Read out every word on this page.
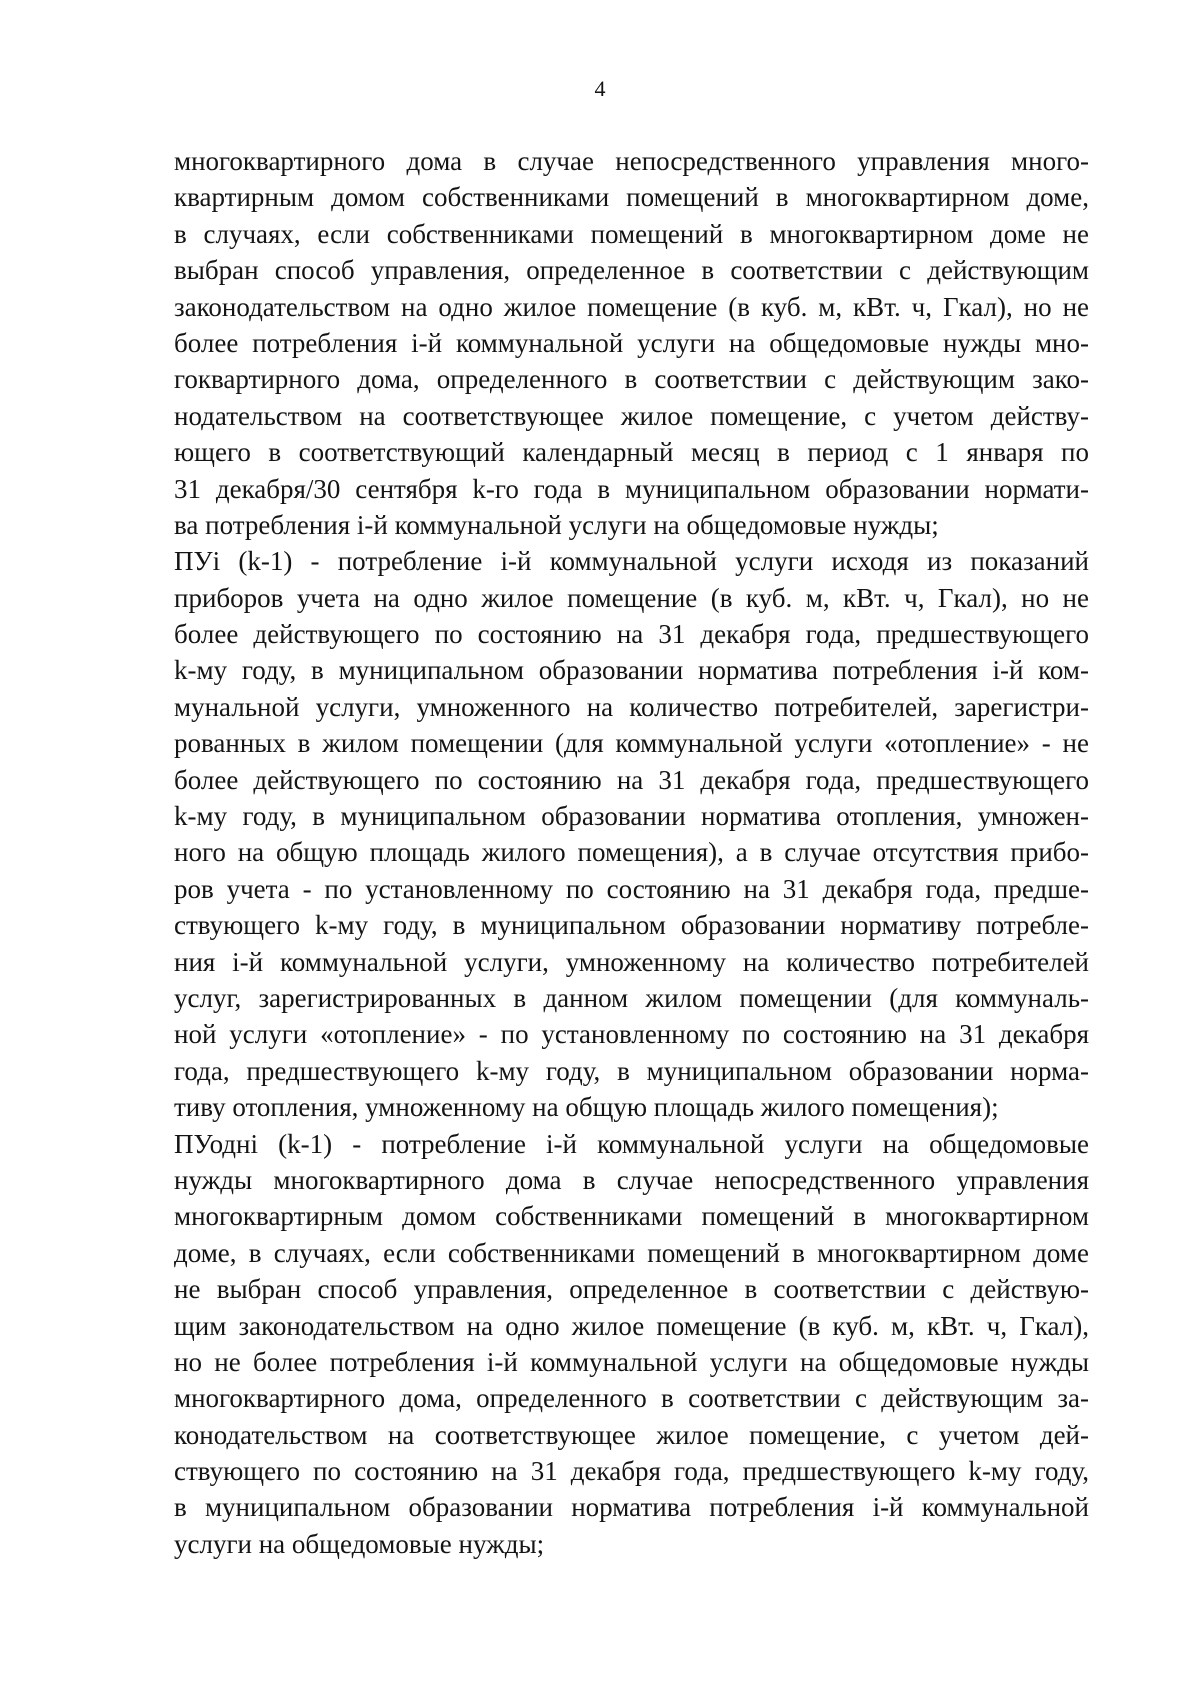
4
многоквартирного дома в случае непосредственного управления много-
квартирным домом собственниками помещений в многоквартирном доме,
в случаях, если собственниками помещений в многоквартирном доме не
выбран способ управления, определенное в соответствии с действующим
законодательством на одно жилое помещение (в куб. м, кВт. ч, Гкал), но не
более потребления i-й коммунальной услуги на общедомовые нужды мно-
гоквартирного дома, определенного в соответствии с действующим зако-
нодательством на соответствующее жилое помещение, с учетом действу-
ющего в соответствующий календарный месяц в период с 1 января по
31 декабря/30 сентября k-го года в муниципальном образовании нормати-
ва потребления i-й коммунальной услуги на общедомовые нужды;
ПУi (k-1) - потребление i-й коммунальной услуги исходя из показаний
приборов учета на одно жилое помещение (в куб. м, кВт. ч, Гкал), но не
более действующего по состоянию на 31 декабря года, предшествующего
k-му году, в муниципальном образовании норматива потребления i-й ком-
мунальной услуги, умноженного на количество потребителей, зарегистри-
рованных в жилом помещении (для коммунальной услуги «отопление» - не
более действующего по состоянию на 31 декабря года, предшествующего
k-му году, в муниципальном образовании норматива отопления, умножен-
ного на общую площадь жилого помещения), а в случае отсутствия прибо-
ров учета - по установленному по состоянию на 31 декабря года, предше-
ствующего k-му году, в муниципальном образовании нормативу потребле-
ния i-й коммунальной услуги, умноженному на количество потребителей
услуг, зарегистрированных в данном жилом помещении (для коммуналь-
ной услуги «отопление» - по установленному по состоянию на 31 декабря
года, предшествующего k-му году, в муниципальном образовании норма-
тиву отопления, умноженному на общую площадь жилого помещения);
ПУодні (k-1) - потребление i-й коммунальной услуги на общедомовые
нужды многоквартирного дома в случае непосредственного управления
многоквартирным домом собственниками помещений в многоквартирном
доме, в случаях, если собственниками помещений в многоквартирном доме
не выбран способ управления, определенное в соответствии с действую-
щим законодательством на одно жилое помещение (в куб. м, кВт. ч, Гкал),
но не более потребления i-й коммунальной услуги на общедомовые нужды
многоквартирного дома, определенного в соответствии с действующим за-
конодательством на соответствующее жилое помещение, с учетом дей-
ствующего по состоянию на 31 декабря года, предшествующего k-му году,
в муниципальном образовании норматива потребления i-й коммунальной
услуги на общедомовые нужды;
